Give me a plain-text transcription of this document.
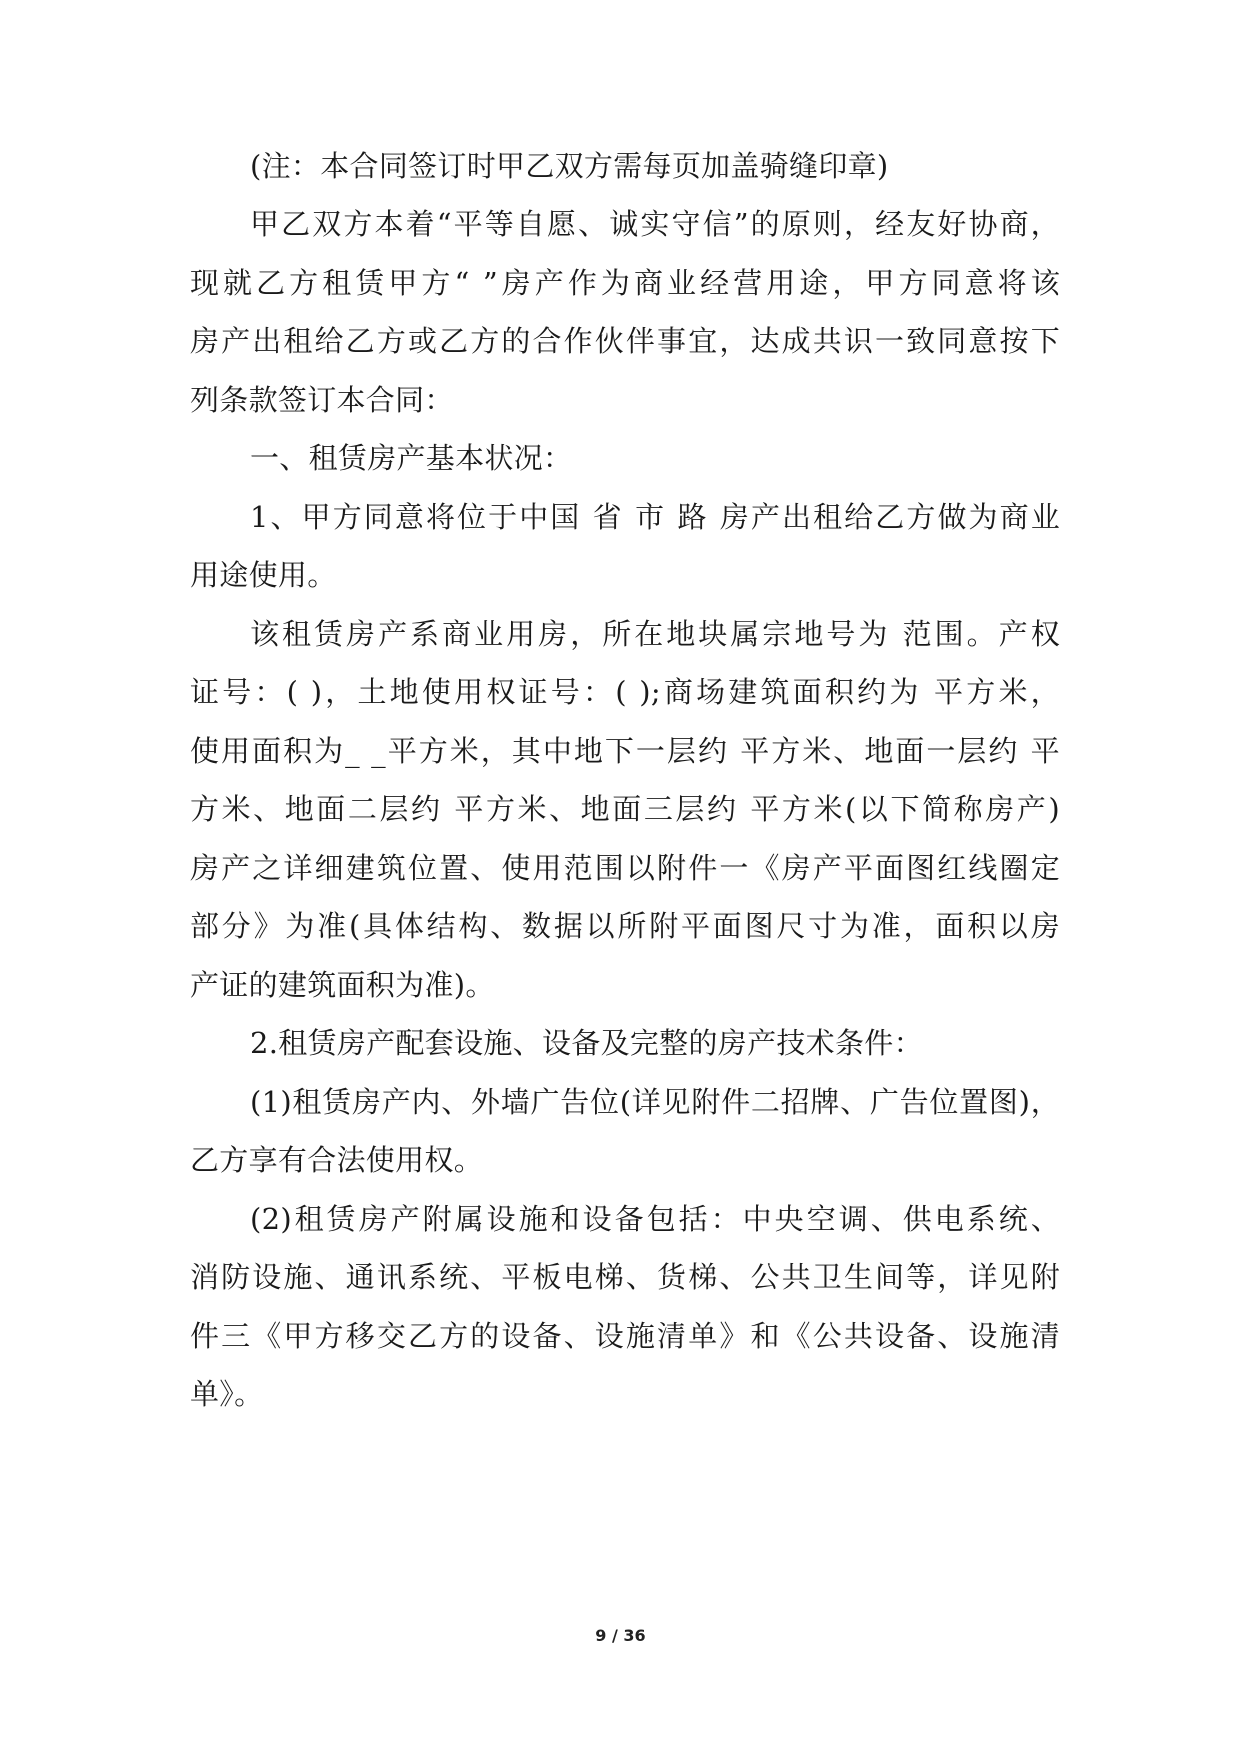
(注：本合同签订时甲乙双方需每页加盖骑缝印章)
甲乙双方本着“平等自愿、诚实守信”的原则，经友好协商，
现就乙方租赁甲方“ ”房产作为商业经营用途，甲方同意将该
房产出租给乙方或乙方的合作伙伴事宜，达成共识一致同意按下
列条款签订本合同：
一、租赁房产基本状况：
1、甲方同意将位于中国 省 市 路 房产出租给乙方做为商业
用途使用。
该租赁房产系商业用房，所在地块属宗地号为 范围。产权
证号：( )，土地使用权证号：( );商场建筑面积约为 平方米，
使用面积为_ _平方米，其中地下一层约 平方米、地面一层约 平
方米、地面二层约 平方米、地面三层约 平方米(以下简称房产)
房产之详细建筑位置、使用范围以附件一《房产平面图红线圈定
部分》为准(具体结构、数据以所附平面图尺寸为准，面积以房
产证的建筑面积为准)。
2.租赁房产配套设施、设备及完整的房产技术条件：
(1)租赁房产内、外墙广告位(详见附件二招牌、广告位置图)，
乙方享有合法使用权。
(2)租赁房产附属设施和设备包括：中央空调、供电系统、
消防设施、通讯系统、平板电梯、货梯、公共卫生间等，详见附
件三《甲方移交乙方的设备、设施清单》和《公共设备、设施清
单》。
9 / 36
